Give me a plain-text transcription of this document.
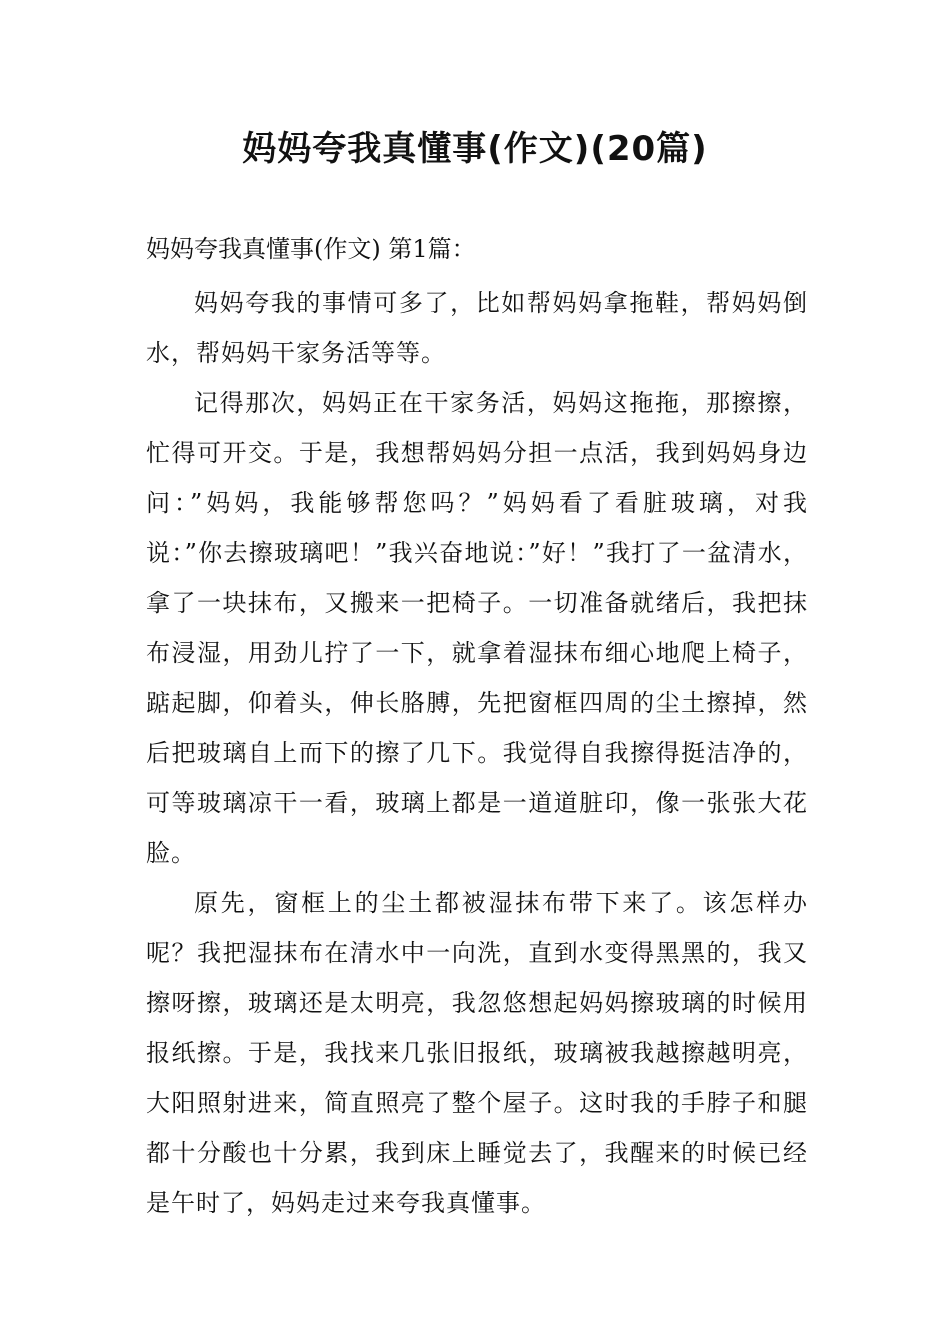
妈妈夸我真懂事(作文)(20篇)
妈妈夸我真懂事(作文) 第1篇：

妈妈夸我的事情可多了，比如帮妈妈拿拖鞋，帮妈妈倒水，帮妈妈干家务活等等。

记得那次，妈妈正在干家务活，妈妈这拖拖，那擦擦，忙得可开交。于是，我想帮妈妈分担一点活，我到妈妈身边问：”妈妈，我能够帮您吗？”妈妈看了看脏玻璃，对我说：”你去擦玻璃吧！”我兴奋地说：”好！”我打了一盆清水，拿了一块抹布，又搬来一把椅子。一切准备就绪后，我把抹布浸湿，用劲儿拧了一下，就拿着湿抹布细心地爬上椅子，踮起脚，仰着头，伸长胳膊，先把窗框四周的尘土擦掉，然后把玻璃自上而下的擦了几下。我觉得自我擦得挺洁净的，可等玻璃凉干一看，玻璃上都是一道道脏印，像一张张大花脸。

原先，窗框上的尘土都被湿抹布带下来了。该怎样办呢？我把湿抹布在清水中一向洗，直到水变得黑黑的，我又擦呀擦，玻璃还是太明亮，我忽悠想起妈妈擦玻璃的时候用报纸擦。于是，我找来几张旧报纸，玻璃被我越擦越明亮，大阳照射进来，简直照亮了整个屋子。这时我的手脖子和腿都十分酸也十分累，我到床上睡觉去了，我醒来的时候已经是午时了，妈妈走过来夸我真懂事。
